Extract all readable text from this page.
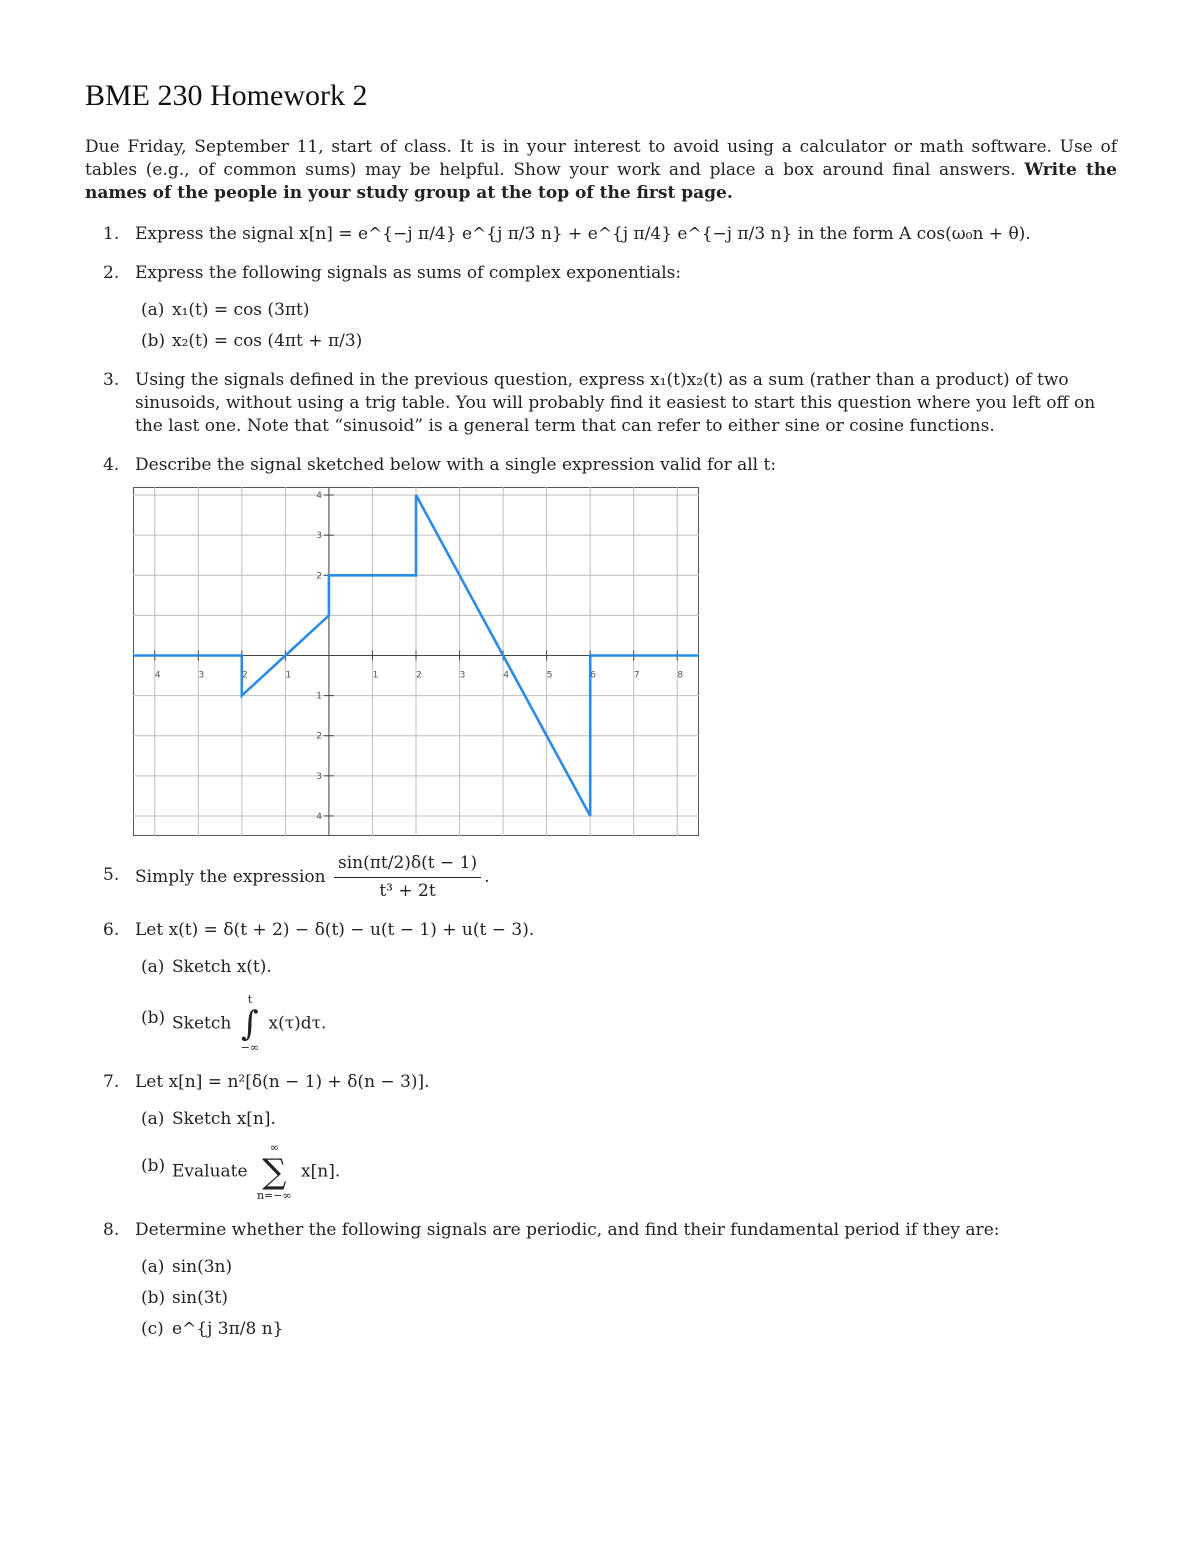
BME 230 Homework 2

Due Friday, September 11, start of class. It is in your interest to avoid using a calculator or math software. Use of tables (e.g., of common sums) may be helpful. Show your work and place a box around final answers. Write the names of the people in your study group at the top of the first page.

1. Express the signal x[n] = e^{−j π/4} e^{j π/3 n} + e^{j π/4} e^{−j π/3 n} in the form A cos(ω₀n + θ).
2. Express the following signals as sums of complex exponentials:
(a) x₁(t) = cos (3πt)
(b) x₂(t) = cos (4πt + π/3)
3. Using the signals defined in the previous question, express x₁(t)x₂(t) as a sum (rather than a product) of two sinusoids, without using a trig table. You will probably find it easiest to start this question where you left off on the last one. Note that “sinusoid” is a general term that can refer to either sine or cosine functions.
4. Describe the signal sketched below with a single expression valid for all t:
4	3	2	1	1	2	3	4	5	6	7	8
4
3
2
1
2
3
4
5. Simply the expression $\frac{\sin(\pi t/2)\delta(t - 1)}{\text{t³ + 2t}}$ .
6. Let x(t) = δ(t + 2) − δ(t) − u(t − 1) + u(t − 3).
(a) Sketch x(t).
(b) Sketch
t
∫
−∞
x(τ)dτ.
7. Let x[n] = n²[δ(n − 1) + δ(n − 3)].
(a) Sketch x[n].
(b) Evaluate
∞
∑
n=−∞
x[n].
8. Determine whether the following signals are periodic, and find their fundamental period if they are:
(a) sin(3n)
(b) sin(3t)
(c) e^{j 3π/8 n}
